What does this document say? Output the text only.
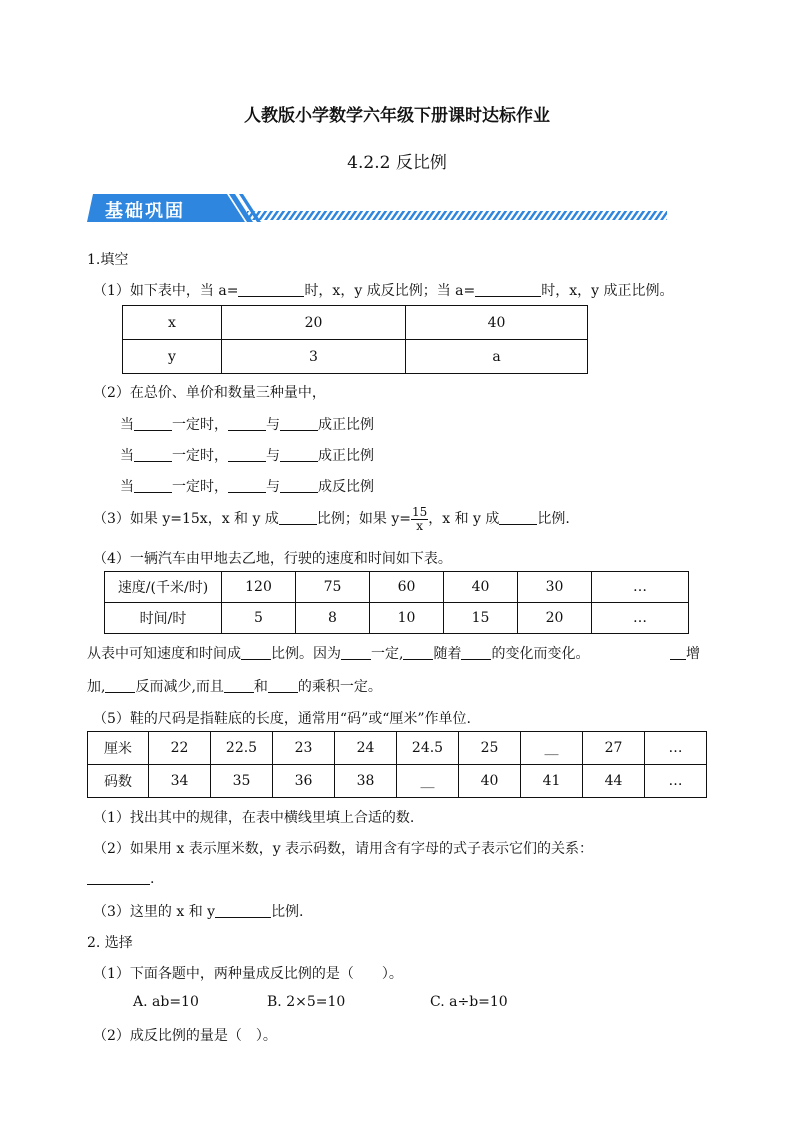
人教版小学数学六年级下册课时达标作业
4.2.2 反比例
基础巩固
1.填空
（1）如下表中，当 a=	时，x，y 成反比例；当 a=	时，x，y 成正比例。
x	20	40
y	3	a
（2）在总价、单价和数量三种量中，
当	一定时，	与	成正比例
当	一定时，	与	成正比例
当	一定时，	与	成反比例
（3）如果 y=15x，x 和 y 成	比例；如果 $y= \frac{15}{x}$ ，x 和 y 成	比例.
（4）一辆汽车由甲地去乙地，行驶的速度和时间如下表。
速度/(千米/时)	120	75	60	40	30	…
时间/时	5	8	10	15	20	…
从表中可知速度和时间成 比例。因为 一定, 随着 的变化而变化。	增
加, 反而减少,而且 和 的乘积一定。
（5）鞋的尺码是指鞋底的长度，通常用“码”或“厘米”作单位.
厘米	22	22.5	23	24	24.5	25	__	27	…
码数	34	35	36	38	__	40	41	44	…
（1）找出其中的规律，在表中横线里填上合适的数.
（2）如果用 x 表示厘米数，y 表示码数，请用含有字母的式子表示它们的关系：
.
（3）这里的 x 和 y	比例.
2. 选择
（1）下面各题中，两种量成反比例的是（　　）。
A. ab=10	B. 2×5=10	C. a÷b=10
（2）成反比例的量是（　）。
